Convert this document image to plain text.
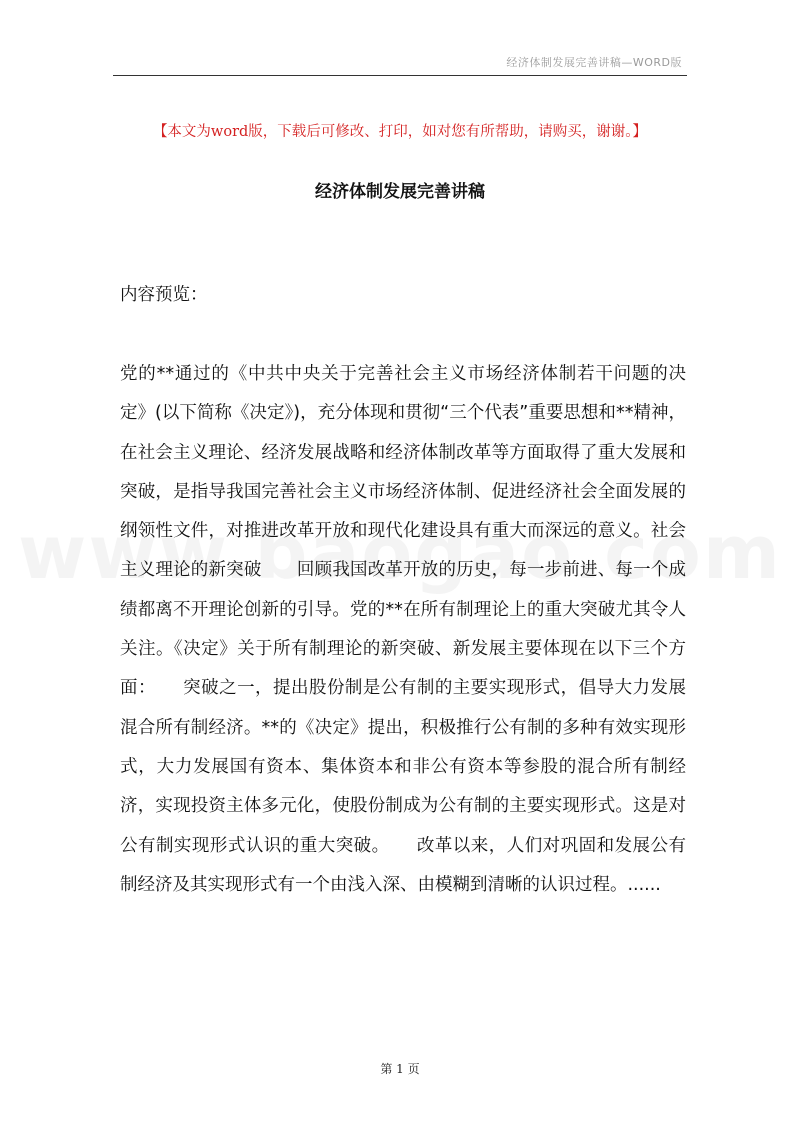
经济体制发展完善讲稿—WORD版
【本文为word版，下载后可修改、打印，如对您有所帮助，请购买，谢谢。】
经济体制发展完善讲稿
内容预览：
党的**通过的《中共中央关于完善社会主义市场经济体制若干问题的决定》(以下简称《决定》)，充分体现和贯彻“三个代表”重要思想和**精神，在社会主义理论、经济发展战略和经济体制改革等方面取得了重大发展和突破，是指导我国完善社会主义市场经济体制、促进经济社会全面发展的纲领性文件，对推进改革开放和现代化建设具有重大而深远的意义。社会主义理论的新突破　　回顾我国改革开放的历史，每一步前进、每一个成绩都离不开理论创新的引导。党的**在所有制理论上的重大突破尤其令人关注。《决定》关于所有制理论的新突破、新发展主要体现在以下三个方面：　　突破之一，提出股份制是公有制的主要实现形式，倡导大力发展混合所有制经济。**的《决定》提出，积极推行公有制的多种有效实现形式，大力发展国有资本、集体资本和非公有资本等参股的混合所有制经济，实现投资主体多元化，使股份制成为公有制的主要实现形式。这是对公有制实现形式认识的重大突破。　　改革以来，人们对巩固和发展公有制经济及其实现形式有一个由浅入深、由模糊到清晰的认识过程。......
第 1 页
